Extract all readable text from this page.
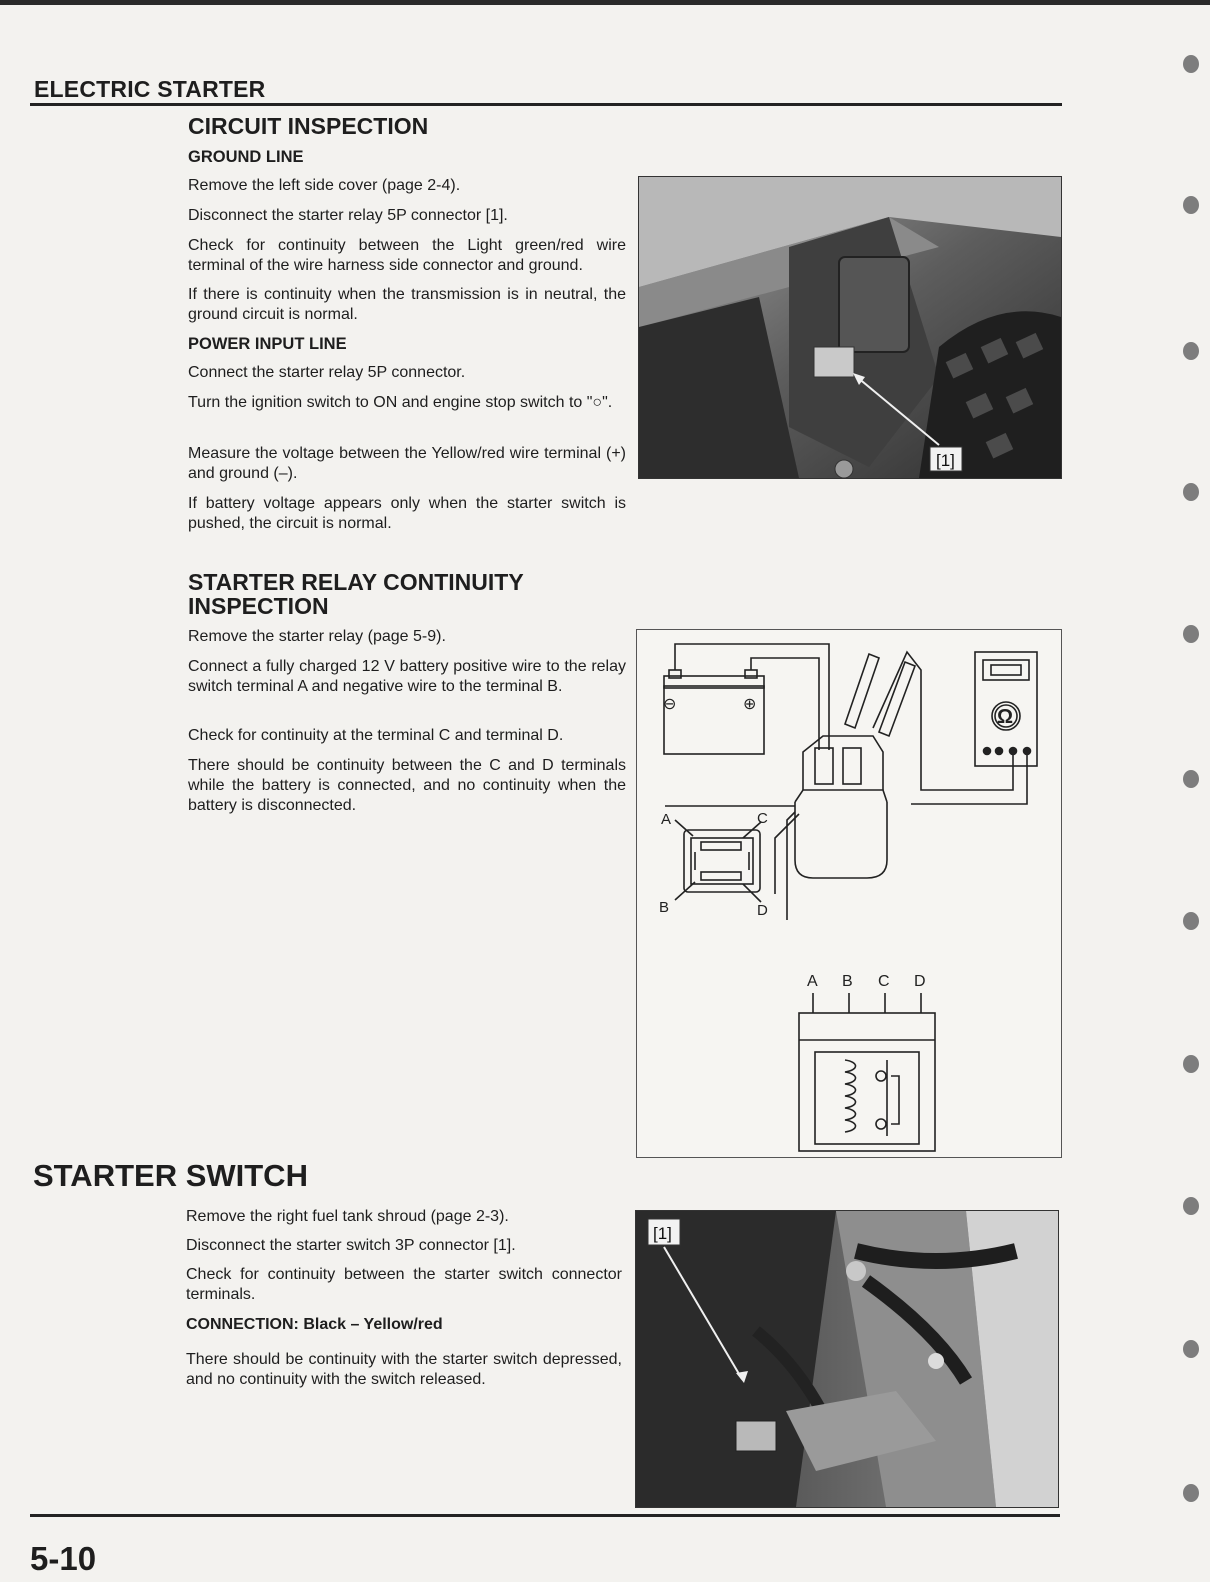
ELECTRIC STARTER
CIRCUIT INSPECTION
GROUND LINE
Remove the left side cover (page 2-4).
Disconnect the starter relay 5P connector [1].
Check for continuity between the Light green/red wire terminal of the wire harness side connector and ground.
If there is continuity when the transmission is in neutral, the ground circuit is normal.
POWER INPUT LINE
Connect the starter relay 5P connector.
Turn the ignition switch to ON and engine stop switch to "○".
Measure the voltage between the Yellow/red wire terminal (+) and ground (–).
If battery voltage appears only when the starter switch is pushed, the circuit is normal.
[1]
STARTER RELAY CONTINUITY
INSPECTION
Remove the starter relay (page 5-9).
Connect a fully charged 12 V battery positive wire to the relay switch terminal A and negative wire to the terminal B.
Check for continuity at the terminal C and terminal D.
There should be continuity between the C and D terminals while the battery is connected, and no continuity when the battery is disconnected.
⊖	⊕
Ω
A	C
B	D
A B C D
STARTER SWITCH
Remove the right fuel tank shroud (page 2-3).
Disconnect the starter switch 3P connector [1].
Check for continuity between the starter switch connector terminals.
CONNECTION: Black – Yellow/red
There should be continuity with the starter switch depressed, and no continuity with the switch released.
[1]
5-10
